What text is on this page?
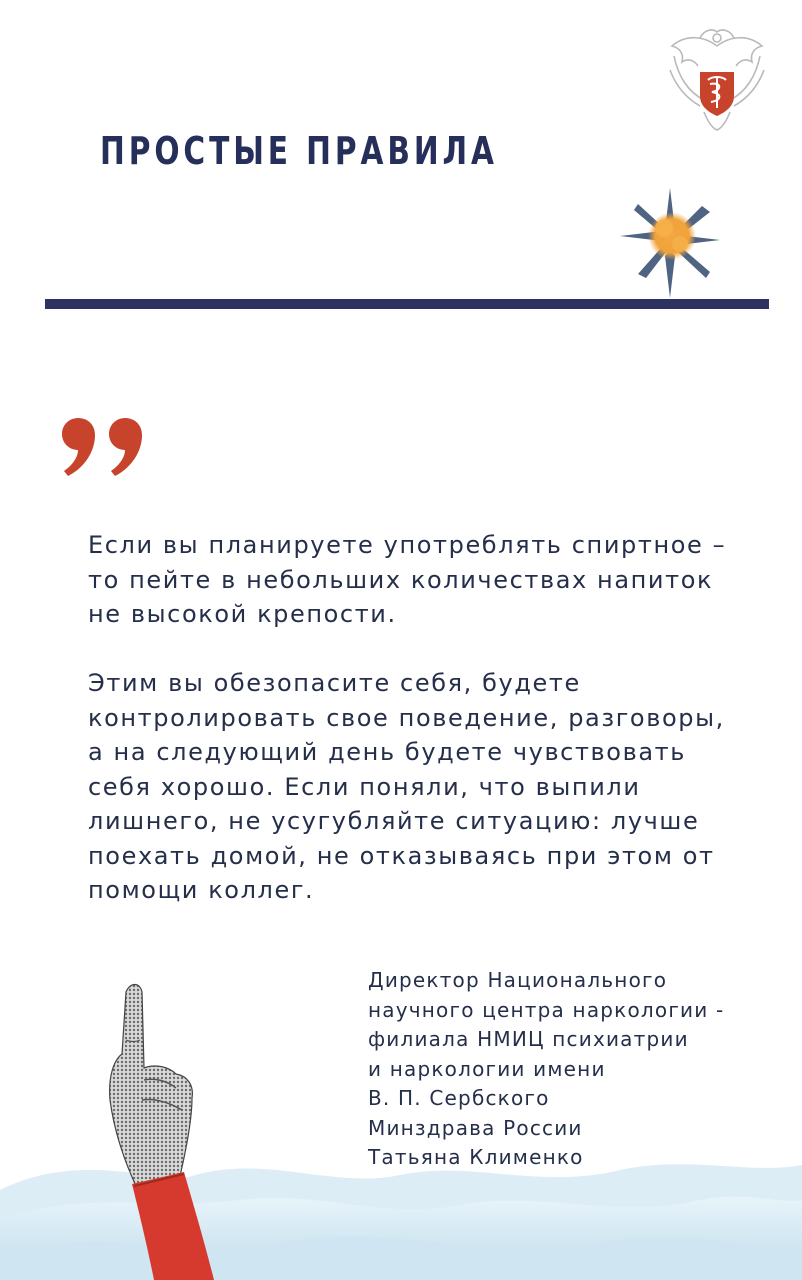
ПРОСТЫЕ ПРАВИЛА

Если вы планируете употреблять спиртное –
то пейте в небольших количествах напиток
не высокой крепости.

Этим вы обезопасите себя, будете
контролировать свое поведение, разговоры,
а на следующий день будете чувствовать
себя хорошо. Если поняли, что выпили
лишнего, не усугубляйте ситуацию: лучше
поехать домой, не отказываясь при этом от
помощи коллег.

Директор Национального
научного центра наркологии -
филиала НМИЦ психиатрии
и наркологии имени
В. П. Сербского
Минздрава России
Татьяна Клименко
